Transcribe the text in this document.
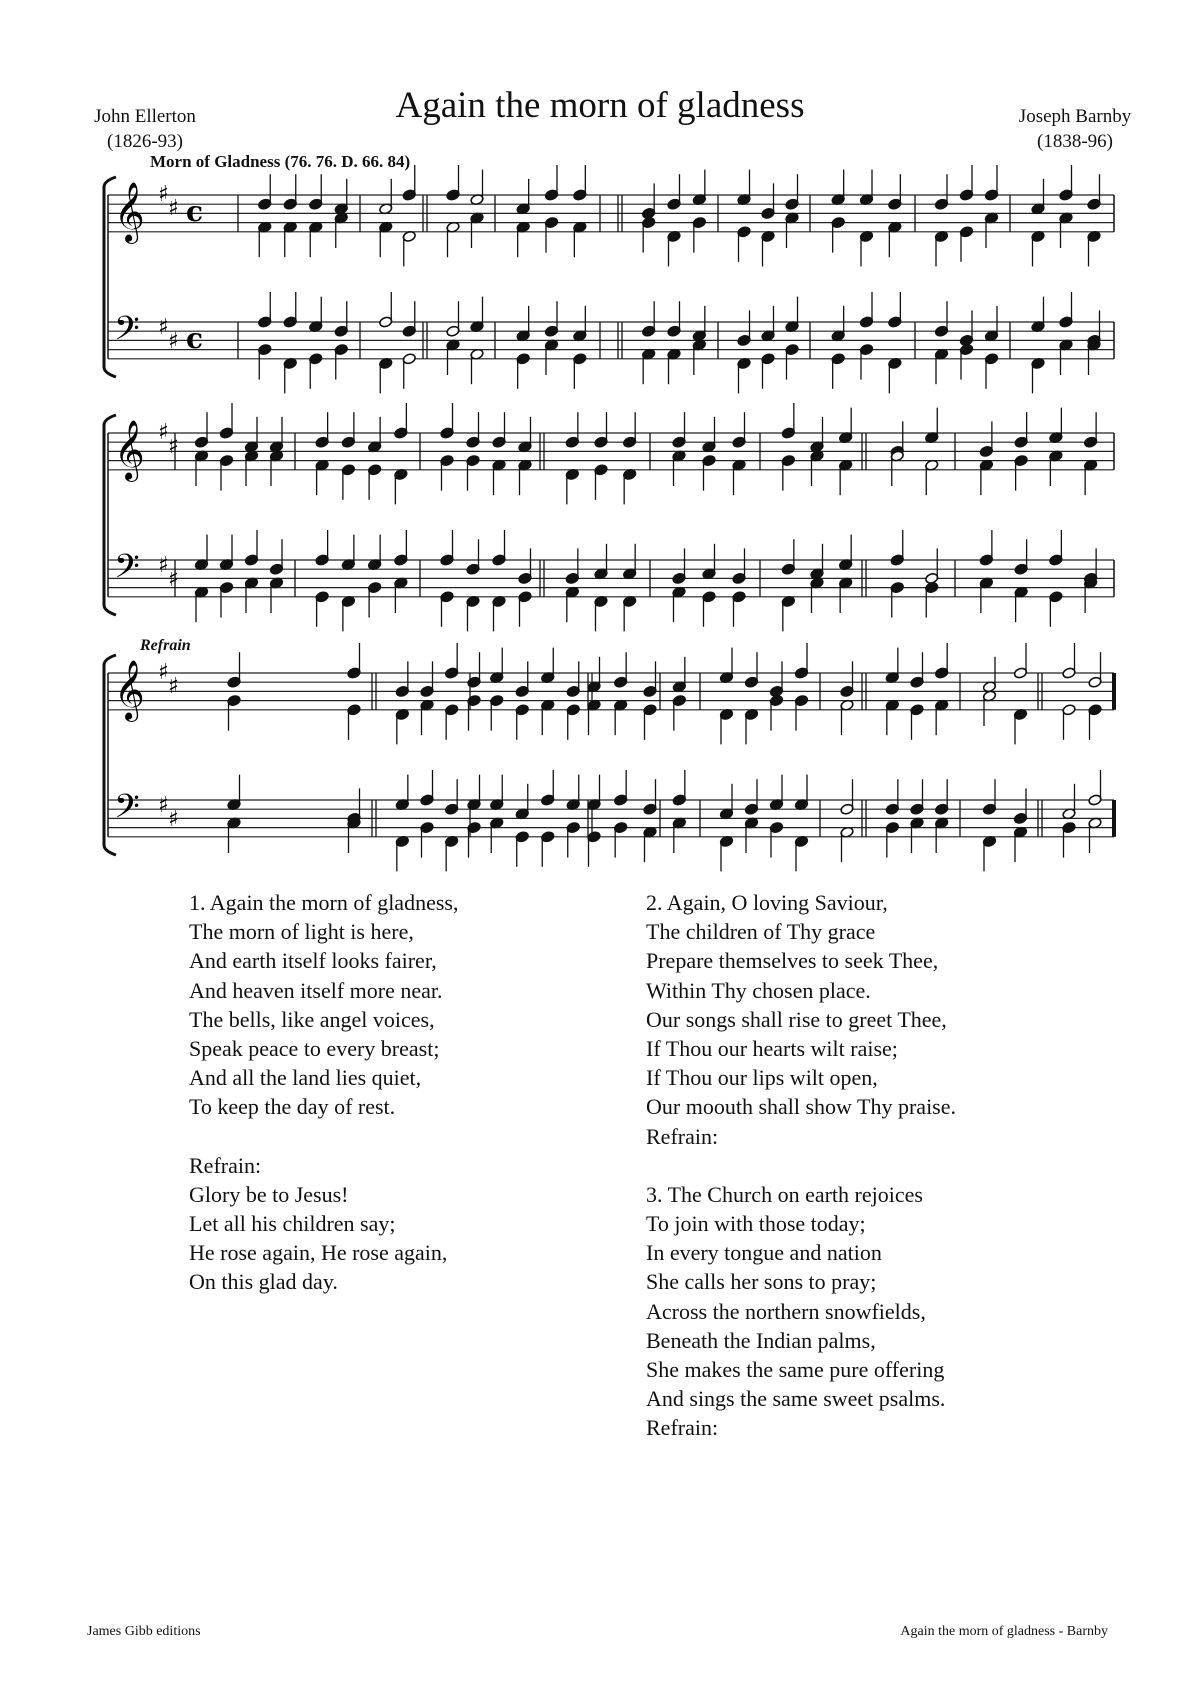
𝄞 ♯
♯ c
𝄢 ♯
♯ c
𝄞 ♯
♯
𝄢 ♯
♯
𝄞 ♯
♯
𝄢 ♯
♯
Again the morn of gladness
John Ellerton
(1826-93)
Joseph Barnby
(1838-96)
Morn of Gladness (76. 76. D. 66. 84)
Refrain
1. Again the morn of gladness,
The morn of light is here,
And earth itself looks fairer,
And heaven itself more near.
The bells, like angel voices,
Speak peace to every breast;
And all the land lies quiet,
To keep the day of rest.
Refrain:
Glory be to Jesus!
Let all his children say;
He rose again, He rose again,
On this glad day.
2. Again, O loving Saviour,
The children of Thy grace
Prepare themselves to seek Thee,
Within Thy chosen place.
Our songs shall rise to greet Thee,
If Thou our hearts wilt raise;
If Thou our lips wilt open,
Our moouth shall show Thy praise.
Refrain:
3. The Church on earth rejoices
To join with those today;
In every tongue and nation
She calls her sons to pray;
Across the northern snowfields,
Beneath the Indian palms,
She makes the same pure offering
And sings the same sweet psalms.
Refrain:
James Gibb editions	Again the morn of gladness - Barnby
